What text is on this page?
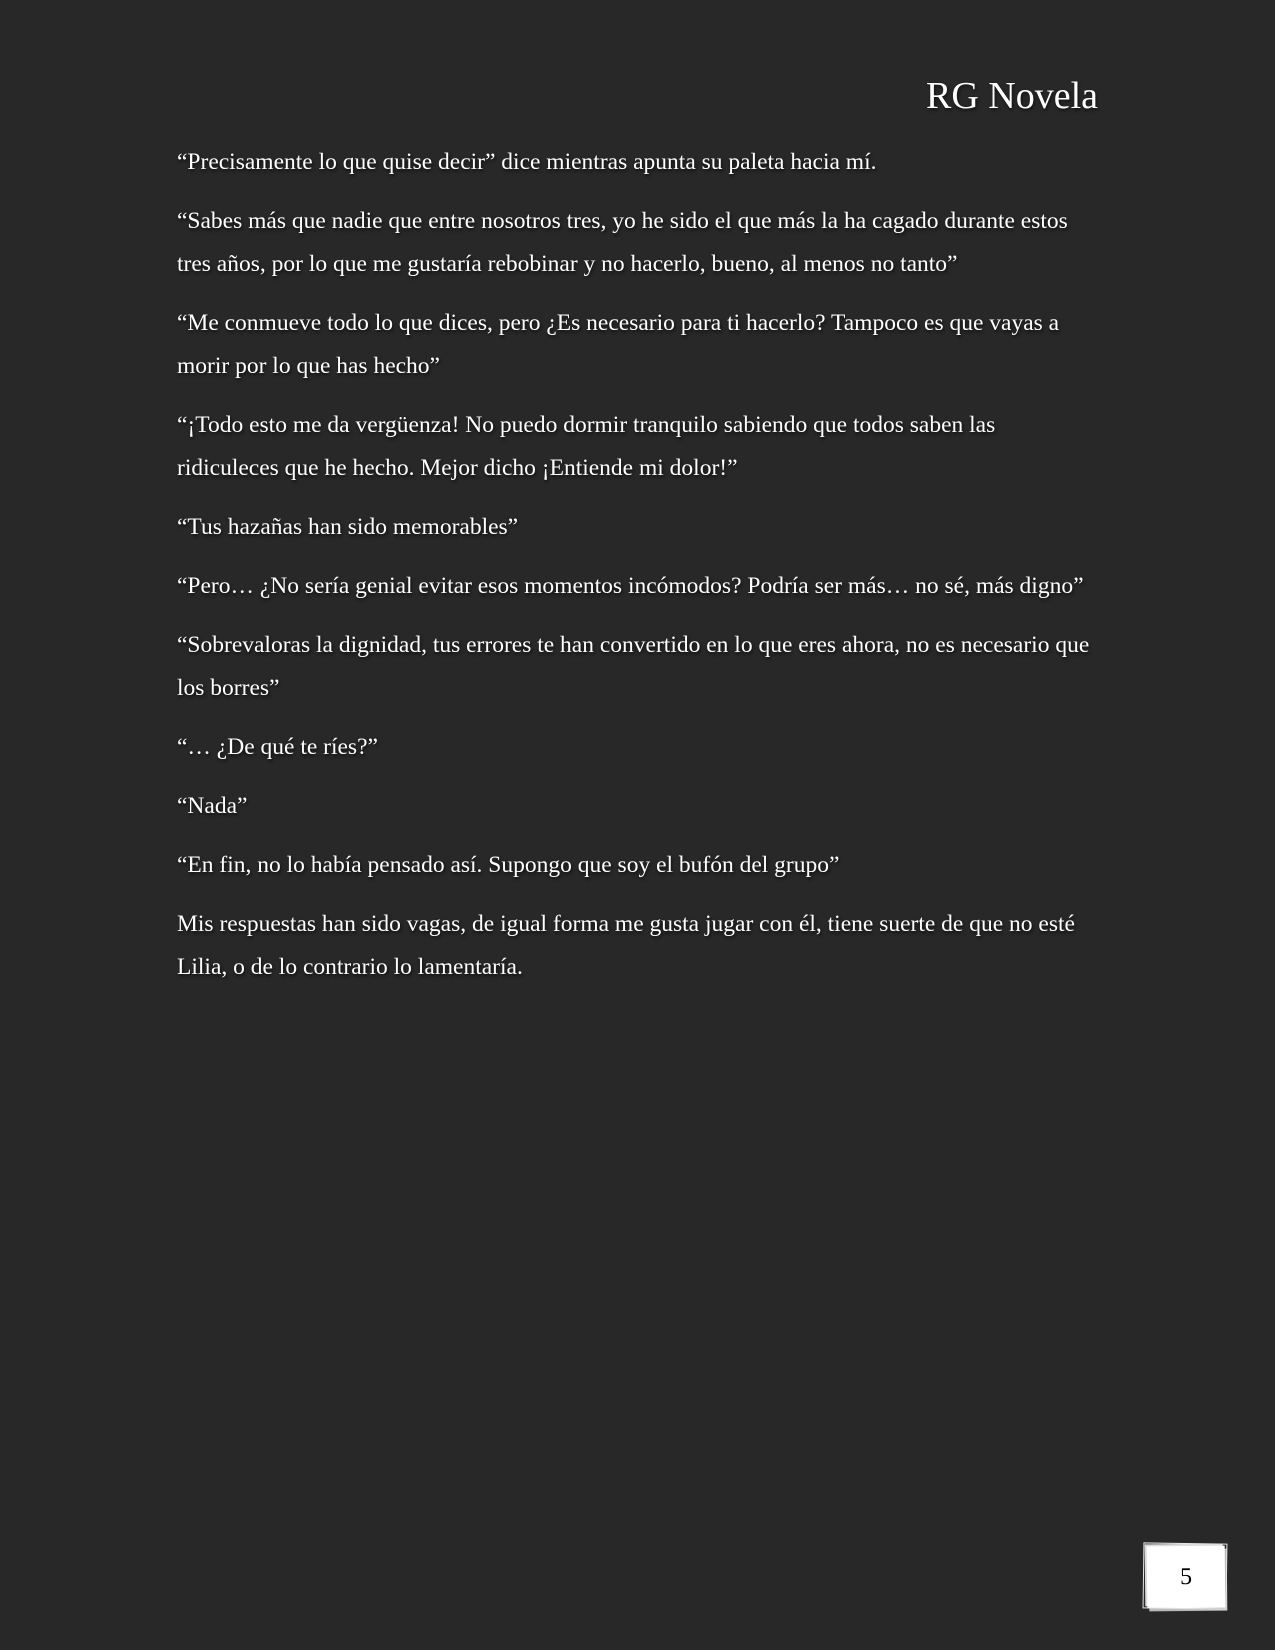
RG Novela

“Precisamente lo que quise decir” dice mientras apunta su paleta hacia mí.

“Sabes más que nadie que entre nosotros tres, yo he sido el que más la ha cagado durante estos tres años, por lo que me gustaría rebobinar y no hacerlo, bueno, al menos no tanto”

“Me conmueve todo lo que dices, pero ¿Es necesario para ti hacerlo? Tampoco es que vayas a morir por lo que has hecho”

“¡Todo esto me da vergüenza! No puedo dormir tranquilo sabiendo que todos saben las ridiculeces que he hecho. Mejor dicho ¡Entiende mi dolor!”

“Tus hazañas han sido memorables”

“Pero… ¿No sería genial evitar esos momentos incómodos? Podría ser más… no sé, más digno”

“Sobrevaloras la dignidad, tus errores te han convertido en lo que eres ahora, no es necesario que los borres”

“… ¿De qué te ríes?”

“Nada”

“En fin, no lo había pensado así. Supongo que soy el bufón del grupo”

Mis respuestas han sido vagas, de igual forma me gusta jugar con él, tiene suerte de que no esté Lilia, o de lo contrario lo lamentaría.

5
